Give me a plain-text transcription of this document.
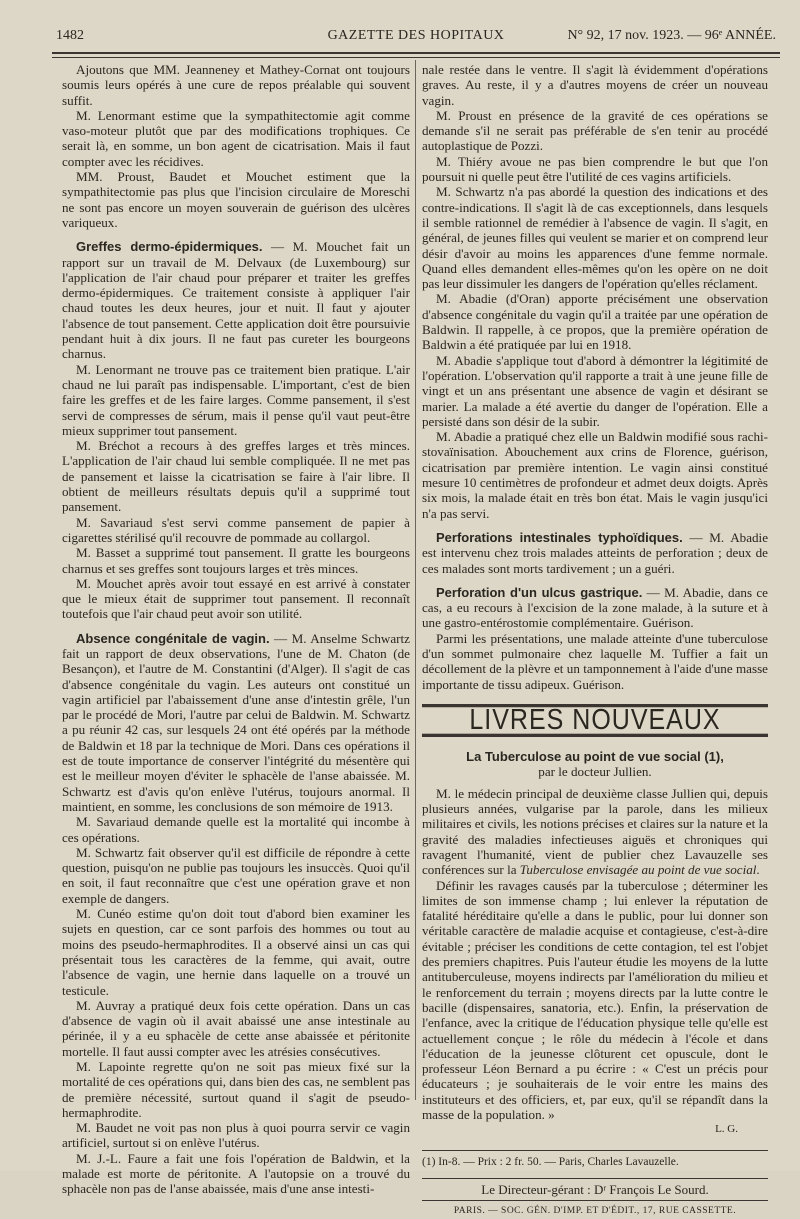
1482	GAZETTE DES HOPITAUX	N° 92, 17 nov. 1923. — 96ᵉ ANNÉE.

Ajoutons que MM. Jeanneney et Mathey-Cornat ont toujours soumis leurs opérés à une cure de repos préalable qui souvent suffit.

M. Lenormant estime que la sympathitectomie agit comme vaso-moteur plutôt que par des modifications trophiques. Ce serait là, en somme, un bon agent de cicatrisation. Mais il faut compter avec les récidives.

MM. Proust, Baudet et Mouchet estiment que la sympathitectomie pas plus que l'incision circulaire de Moreschi ne sont pas encore un moyen souverain de guérison des ulcères variqueux.

Greffes dermo-épidermiques. — M. Mouchet fait un rapport sur un travail de M. Delvaux (de Luxembourg) sur l'application de l'air chaud pour préparer et traiter les greffes dermo-épidermiques. Ce traitement consiste à appliquer l'air chaud toutes les deux heures, jour et nuit. Il faut y ajouter l'absence de tout pansement. Cette application doit être poursuivie pendant huit à dix jours. Il ne faut pas cureter les bourgeons charnus.

M. Lenormant ne trouve pas ce traitement bien pratique. L'air chaud ne lui paraît pas indispensable. L'important, c'est de bien faire les greffes et de les faire larges. Comme pansement, il s'est servi de compresses de sérum, mais il pense qu'il vaut peut-être mieux supprimer tout pansement.

M. Bréchot a recours à des greffes larges et très minces. L'application de l'air chaud lui semble compliquée. Il ne met pas de pansement et laisse la cicatrisation se faire à l'air libre. Il obtient de meilleurs résultats depuis qu'il a supprimé tout pansement.

M. Savariaud s'est servi comme pansement de papier à cigarettes stérilisé qu'il recouvre de pommade au collargol.

M. Basset a supprimé tout pansement. Il gratte les bourgeons charnus et ses greffes sont toujours larges et très minces.

M. Mouchet après avoir tout essayé en est arrivé à constater que le mieux était de supprimer tout pansement. Il reconnaît toutefois que l'air chaud peut avoir son utilité.

Absence congénitale de vagin. — M. Anselme Schwartz fait un rapport de deux observations, l'une de M. Chaton (de Besançon), et l'autre de M. Constantini (d'Alger). Il s'agit de cas d'absence congénitale du vagin. Les auteurs ont constitué un vagin artificiel par l'abaissement d'une anse d'intestin grêle, l'un par le procédé de Mori, l'autre par celui de Baldwin. M. Schwartz a pu réunir 42 cas, sur lesquels 24 ont été opérés par la méthode de Baldwin et 18 par la technique de Mori. Dans ces opérations il est de toute importance de conserver l'intégrité du mésentère qui est le meilleur moyen d'éviter le sphacèle de l'anse abaissée. M. Schwartz est d'avis qu'on enlève l'utérus, toujours anormal. Il maintient, en somme, les conclusions de son mémoire de 1913.

M. Savariaud demande quelle est la mortalité qui incombe à ces opérations.

M. Schwartz fait observer qu'il est difficile de répondre à cette question, puisqu'on ne publie pas toujours les insuccès. Quoi qu'il en soit, il faut reconnaître que c'est une opération grave et non exemple de dangers.

M. Cunéo estime qu'on doit tout d'abord bien examiner les sujets en question, car ce sont parfois des hommes ou tout au moins des pseudo-hermaphrodites. Il a observé ainsi un cas qui présentait tous les caractères de la femme, qui avait, outre l'absence de vagin, une hernie dans laquelle on a trouvé un testicule.

M. Auvray a pratiqué deux fois cette opération. Dans un cas d'absence de vagin où il avait abaissé une anse intestinale au périnée, il y a eu sphacèle de cette anse abaissée et péritonite mortelle. Il faut aussi compter avec les atrésies consécutives.

M. Lapointe regrette qu'on ne soit pas mieux fixé sur la mortalité de ces opérations qui, dans bien des cas, ne semblent pas de première nécessité, surtout quand il s'agit de pseudo-hermaphrodite.

M. Baudet ne voit pas non plus à quoi pourra servir ce vagin artificiel, surtout si on enlève l'utérus.

M. J.-L. Faure a fait une fois l'opération de Baldwin, et la malade est morte de péritonite. A l'autopsie on a trouvé du sphacèle non pas de l'anse abaissée, mais d'une anse intesti-

nale restée dans le ventre. Il s'agit là évidemment d'opérations graves. Au reste, il y a d'autres moyens de créer un nouveau vagin.

M. Proust en présence de la gravité de ces opérations se demande s'il ne serait pas préférable de s'en tenir au procédé autoplastique de Pozzi.

M. Thiéry avoue ne pas bien comprendre le but que l'on poursuit ni quelle peut être l'utilité de ces vagins artificiels.

M. Schwartz n'a pas abordé la question des indications et des contre-indications. Il s'agit là de cas exceptionnels, dans lesquels il semble rationnel de remédier à l'absence de vagin. Il s'agit, en général, de jeunes filles qui veulent se marier et on comprend leur désir d'avoir au moins les apparences d'une femme normale. Quand elles demandent elles-mêmes qu'on les opère on ne doit pas leur dissimuler les dangers de l'opération qu'elles réclament.

M. Abadie (d'Oran) apporte précisément une observation d'absence congénitale du vagin qu'il a traitée par une opération de Baldwin. Il rappelle, à ce propos, que la première opération de Baldwin a été pratiquée par lui en 1918.

M. Abadie s'applique tout d'abord à démontrer la légitimité de l'opération. L'observation qu'il rapporte a trait à une jeune fille de vingt et un ans présentant une absence de vagin et désirant se marier. La malade a été avertie du danger de l'opération. Elle a persisté dans son désir de la subir.

M. Abadie a pratiqué chez elle un Baldwin modifié sous rachi-stovaïnisation. Abouchement aux crins de Florence, guérison, cicatrisation par première intention. Le vagin ainsi constitué mesure 10 centimètres de profondeur et admet deux doigts. Après six mois, la malade était en très bon état. Mais le vagin jusqu'ici n'a pas servi.

Perforations intestinales typhoïdiques. — M. Abadie est intervenu chez trois malades atteints de perforation ; deux de ces malades sont morts tardivement ; un a guéri.

Perforation d'un ulcus gastrique. — M. Abadie, dans ce cas, a eu recours à l'excision de la zone malade, à la suture et à une gastro-entérostomie complémentaire. Guérison.

Parmi les présentations, une malade atteinte d'une tuberculose d'un sommet pulmonaire chez laquelle M. Tuffier a fait un décollement de la plèvre et un tamponnement à l'aide d'une masse importante de tissu adipeux. Guérison.

LIVRES NOUVEAUX
La Tuberculose au point de vue social (1),
par le docteur Jullien.

M. le médecin principal de deuxième classe Jullien qui, depuis plusieurs années, vulgarise par la parole, dans les milieux militaires et civils, les notions précises et claires sur la nature et la gravité des maladies infectieuses aiguës et chroniques qui ravagent l'humanité, vient de publier chez Lavauzelle ses conférences sur la Tuberculose envisagée au point de vue social.

Définir les ravages causés par la tuberculose ; déterminer les limites de son immense champ ; lui enlever la réputation de fatalité héréditaire qu'elle a dans le public, pour lui donner son véritable caractère de maladie acquise et contagieuse, c'est-à-dire évitable ; préciser les conditions de cette contagion, tel est l'objet des premiers chapitres. Puis l'auteur étudie les moyens de la lutte antituberculeuse, moyens indirects par l'amélioration du milieu et le renforcement du terrain ; moyens directs par la lutte contre le bacille (dispensaires, sanatoria, etc.). Enfin, la préservation de l'enfance, avec la critique de l'éducation physique telle qu'elle est actuellement conçue ; le rôle du médecin à l'école et dans l'éducation de la jeunesse clôturent cet opuscule, dont le professeur Léon Bernard a pu écrire : « C'est un précis pour éducateurs ; je souhaiterais de le voir entre les mains des instituteurs et des officiers, et, par eux, qu'il se répandît dans la masse de la population. »

L. G.

(1) In-8. — Prix : 2 fr. 50. — Paris, Charles Lavauzelle.

Le Directeur-gérant : Dʳ François Le Sourd.
PARIS. — SOC. GÉN. D'IMP. ET D'ÉDIT., 17, RUE CASSETTE.
